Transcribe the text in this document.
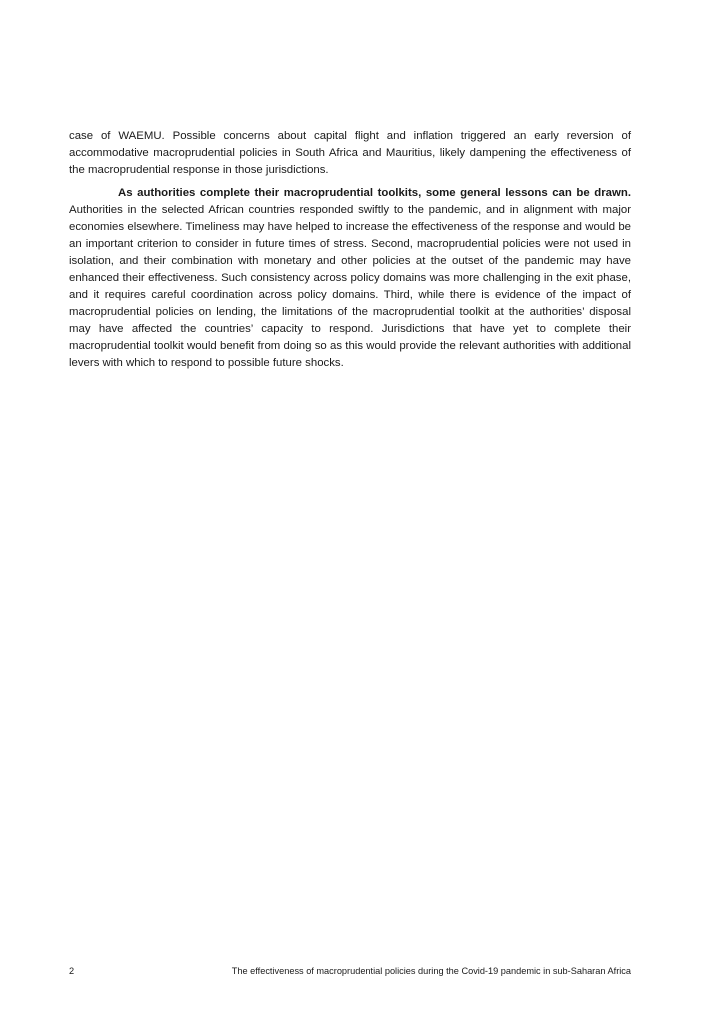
case of WAEMU. Possible concerns about capital flight and inflation triggered an early reversion of accommodative macroprudential policies in South Africa and Mauritius, likely dampening the effectiveness of the macroprudential response in those jurisdictions.

As authorities complete their macroprudential toolkits, some general lessons can be drawn. Authorities in the selected African countries responded swiftly to the pandemic, and in alignment with major economies elsewhere. Timeliness may have helped to increase the effectiveness of the response and would be an important criterion to consider in future times of stress. Second, macroprudential policies were not used in isolation, and their combination with monetary and other policies at the outset of the pandemic may have enhanced their effectiveness. Such consistency across policy domains was more challenging in the exit phase, and it requires careful coordination across policy domains. Third, while there is evidence of the impact of macroprudential policies on lending, the limitations of the macroprudential toolkit at the authorities’ disposal may have affected the countries’ capacity to respond. Jurisdictions that have yet to complete their macroprudential toolkit would benefit from doing so as this would provide the relevant authorities with additional levers with which to respond to possible future shocks.

2	The effectiveness of macroprudential policies during the Covid-19 pandemic in sub-Saharan Africa
